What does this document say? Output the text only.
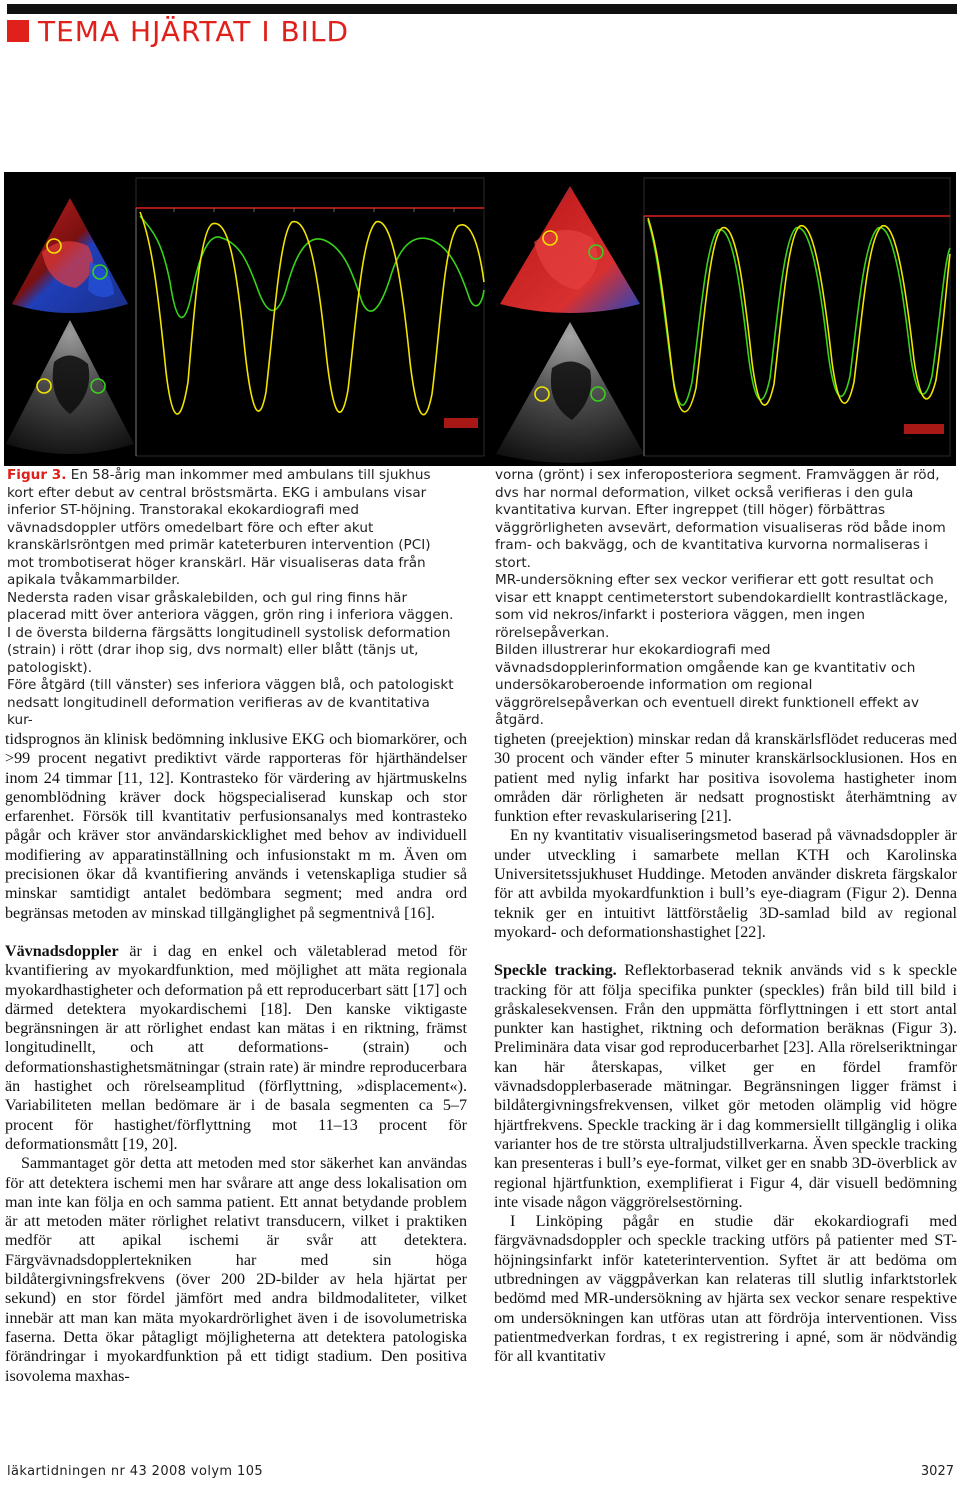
TEMA HJÄRTAT I BILD

Figur 3. En 58-årig man inkommer med ambulans till sjukhus kort efter debut av central bröstsmärta. EKG i ambulans visar inferior ST-höjning. Transtorakal ekokardiografi med vävnadsdoppler utförs omedelbart före och efter akut kranskärlsröntgen med primär kateterburen intervention (PCI) mot trombotiserat höger kranskärl. Här visualiseras data från apikala tvåkammarbilder.

Nedersta raden visar gråskalebilden, och gul ring finns här placerad mitt över anteriora väggen, grön ring i inferiora väggen. I de översta bilderna färgsätts longitudinell systolisk deformation (strain) i rött (drar ihop sig, dvs normalt) eller blått (tänjs ut, patologiskt).

Före åtgärd (till vänster) ses inferiora väggen blå, och patologiskt nedsatt longitudinell deformation verifieras av de kvantitativa kur-

vorna (grönt) i sex inferoposteriora segment. Framväggen är röd, dvs har normal deformation, vilket också verifieras i den gula kvantitativa kurvan. Efter ingreppet (till höger) förbättras väggrörligheten avsevärt, deformation visualiseras röd både inom fram- och bakvägg, och de kvantitativa kurvorna normaliseras i stort.

MR-undersökning efter sex veckor verifierar ett gott resultat och visar ett knappt centimeterstort subendokardiellt kontrastläckage, som vid nekros/infarkt i posteriora väggen, men ingen rörelsepåverkan.

Bilden illustrerar hur ekokardiografi med vävnadsdopplerinformation omgående kan ge kvantitativ och undersökaroberoende information om regional väggrörelsepåverkan och eventuell direkt funktionell effekt av åtgärd.

tidsprognos än klinisk bedömning inklusive EKG och biomarkörer, och >99 procent negativt prediktivt värde rapporteras för hjärthändelser inom 24 timmar [11, 12]. Kontrasteko för värdering av hjärtmuskelns genomblödning kräver dock högspecialiserad kunskap och stor erfarenhet. Försök till kvantitativ perfusionsanalys med kontrasteko pågår och kräver stor användarskicklighet med behov av individuell modifiering av apparatinställning och infusionstakt m m. Även om precisionen ökar då kvantifiering används i vetenskapliga studier så minskar samtidigt antalet bedömbara segment; med andra ord begränsas metoden av minskad tillgänglighet på segmentnivå [16].

Vävnadsdoppler är i dag en enkel och väletablerad metod för kvantifiering av myokardfunktion, med möjlighet att mäta regionala myokardhastigheter och deformation på ett reproducerbart sätt [17] och därmed detektera myokardischemi [18]. Den kanske viktigaste begränsningen är att rörlighet endast kan mätas i en riktning, främst longitudinellt, och att deformations- (strain) och deformationshastighetsmätningar (strain rate) är mindre reproducerbara än hastighet och rörelseamplitud (förflyttning, »displacement«). Variabiliteten mellan bedömare är i de basala segmenten ca 5–7 procent för hastighet/förflyttning mot 11–13 procent för deformationsmått [19, 20].

Sammantaget gör detta att metoden med stor säkerhet kan användas för att detektera ischemi men har svårare att ange dess lokalisation om man inte kan följa en och samma patient. Ett annat betydande problem är att metoden mäter rörlighet relativt transducern, vilket i praktiken medför att apikal ischemi är svår att detektera. Färgvävnadsdopplertekniken har med sin höga bildåtergivningsfrekvens (över 200 2D-bilder av hela hjärtat per sekund) en stor fördel jämfört med andra bildmodaliteter, vilket innebär att man kan mäta myokardrörlighet även i de isovolumetriska faserna. Detta ökar påtagligt möjligheterna att detektera patologiska förändringar i myokardfunktion på ett tidigt stadium. Den positiva isovolema maxhas-

tigheten (preejektion) minskar redan då kranskärlsflödet reduceras med 30 procent och vänder efter 5 minuter kranskärlsocklusionen. Hos en patient med nylig infarkt har positiva isovolema hastigheter inom områden där rörligheten är nedsatt prognostiskt återhämtning av funktion efter revaskularisering [21].

En ny kvantitativ visualiseringsmetod baserad på vävnadsdoppler är under utveckling i samarbete mellan KTH och Karolinska Universitetssjukhuset Huddinge. Metoden använder diskreta färgskalor för att avbilda myokardfunktion i bull’s eye-diagram (Figur 2). Denna teknik ger en intuitivt lättförståelig 3D-samlad bild av regional myokard- och deformationshastighet [22].

Speckle tracking. Reflektorbaserad teknik används vid s k speckle tracking för att följa specifika punkter (speckles) från bild till bild i gråskalesekvensen. Från den uppmätta förflyttningen i ett stort antal punkter kan hastighet, riktning och deformation beräknas (Figur 3). Preliminära data visar god reproducerbarhet [23]. Alla rörelseriktningar kan här återskapas, vilket ger en fördel framför vävnadsdopplerbaserade mätningar. Begränsningen ligger främst i bildåtergivningsfrekvensen, vilket gör metoden olämplig vid högre hjärtfrekvens. Speckle tracking är i dag kommersiellt tillgänglig i olika varianter hos de tre största ultraljudstillverkarna. Även speckle tracking kan presenteras i bull’s eye-format, vilket ger en snabb 3D-överblick av regional hjärtfunktion, exemplifierat i Figur 4, där visuell bedömning inte visade någon väggrörelsestörning.

I Linköping pågår en studie där ekokardiografi med färgvävnadsdoppler och speckle tracking utförs på patienter med ST-höjningsinfarkt inför kateterintervention. Syftet är att bedöma om utbredningen av väggpåverkan kan relateras till slutlig infarktstorlek bedömd med MR-undersökning av hjärta sex veckor senare respektive om undersökningen kan utföras utan att fördröja interventionen. Viss patientmedverkan fordras, t ex registrering i apné, som är nödvändig för all kvantitativ

läkartidningen nr 43 2008 volym 105	3027
